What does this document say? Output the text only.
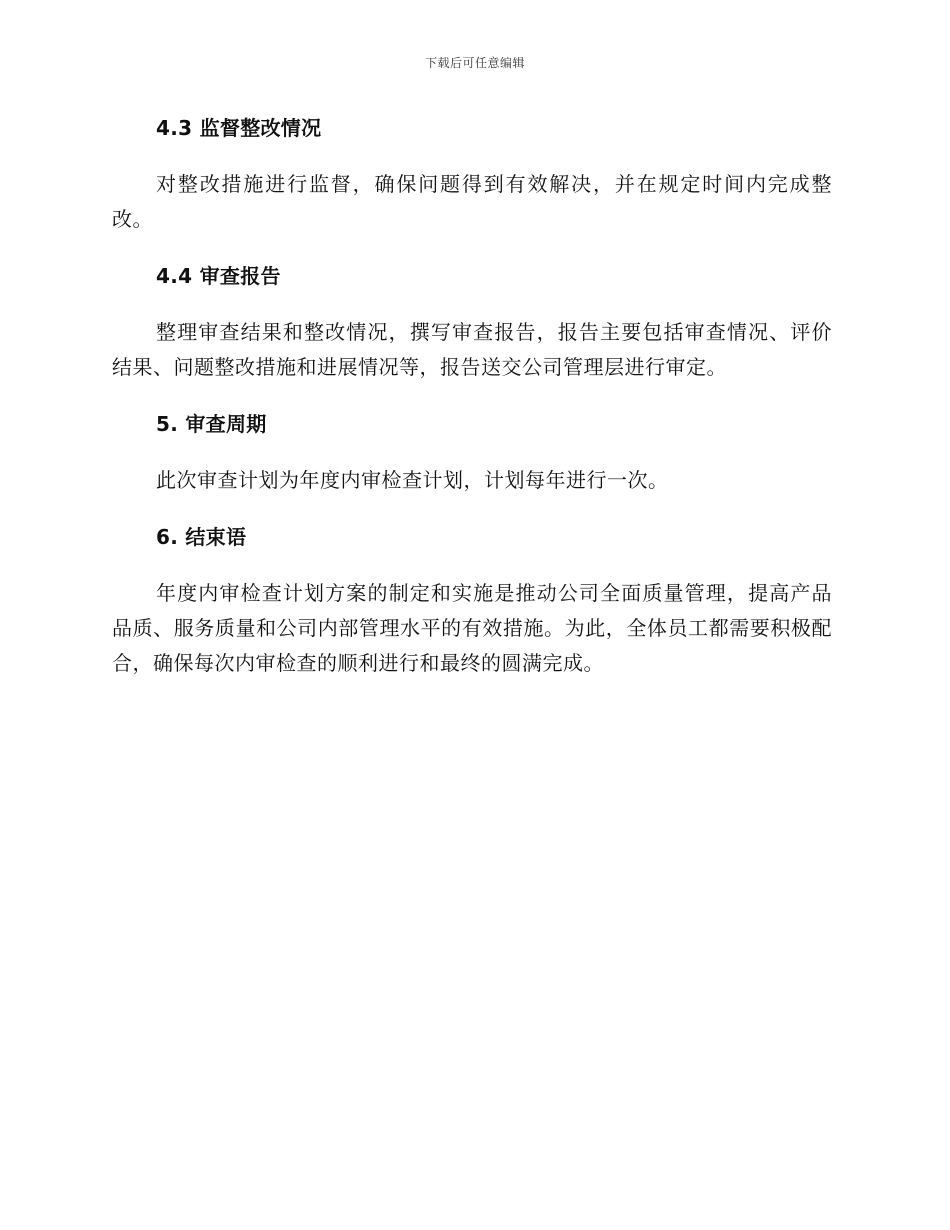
下载后可任意编辑
4.3 监督整改情况

对整改措施进行监督，确保问题得到有效解决，并在规定时间内完成整改。

4.4 审查报告

整理审查结果和整改情况，撰写审查报告，报告主要包括审查情况、评价结果、问题整改措施和进展情况等，报告送交公司管理层进行审定。

5. 审查周期

此次审查计划为年度内审检查计划，计划每年进行一次。

6. 结束语

年度内审检查计划方案的制定和实施是推动公司全面质量管理，提高产品品质、服务质量和公司内部管理水平的有效措施。为此，全体员工都需要积极配合，确保每次内审检查的顺利进行和最终的圆满完成。
